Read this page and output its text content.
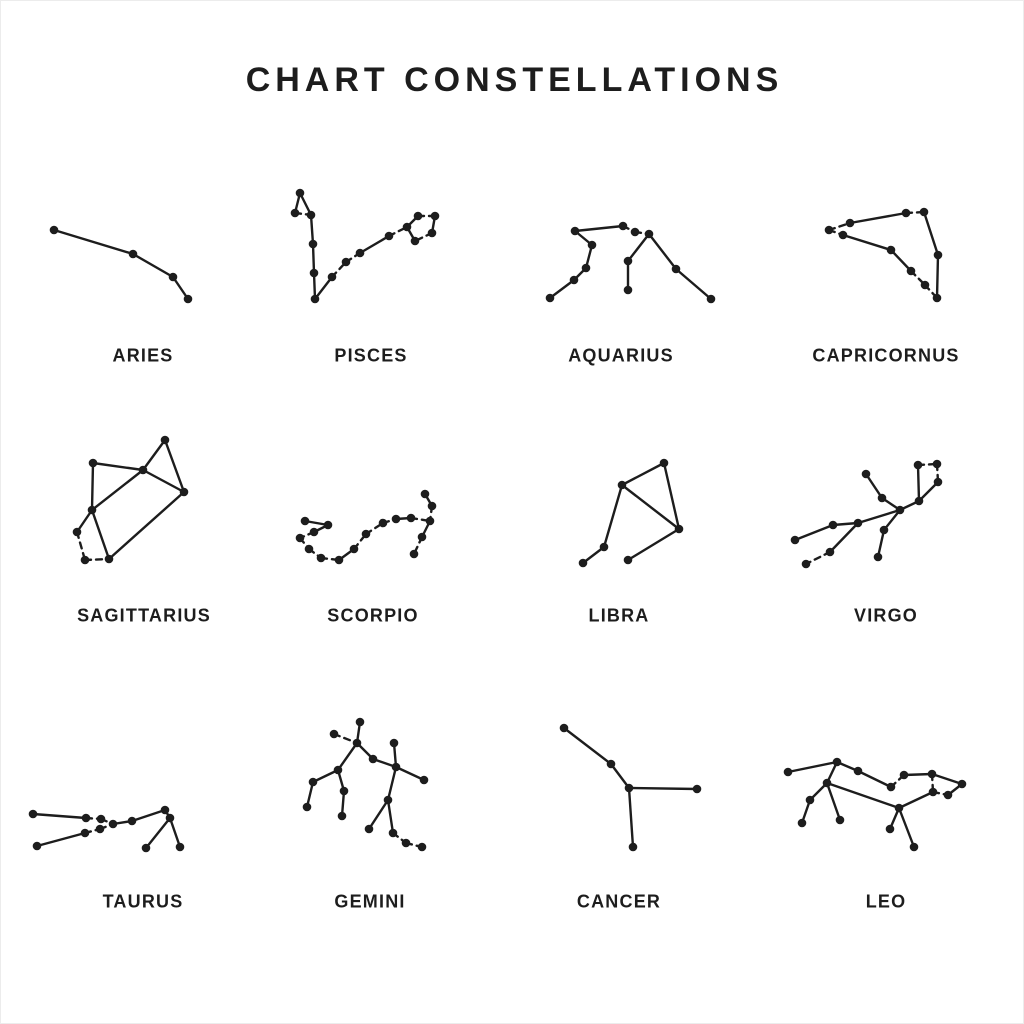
CHART CONSTELLATIONS
ARIES	PISCES	AQUARIUS	CAPRICORNUS
SAGITTARIUS	SCORPIO	LIBRA	VIRGO
TAURUS	GEMINI	CANCER	LEO
